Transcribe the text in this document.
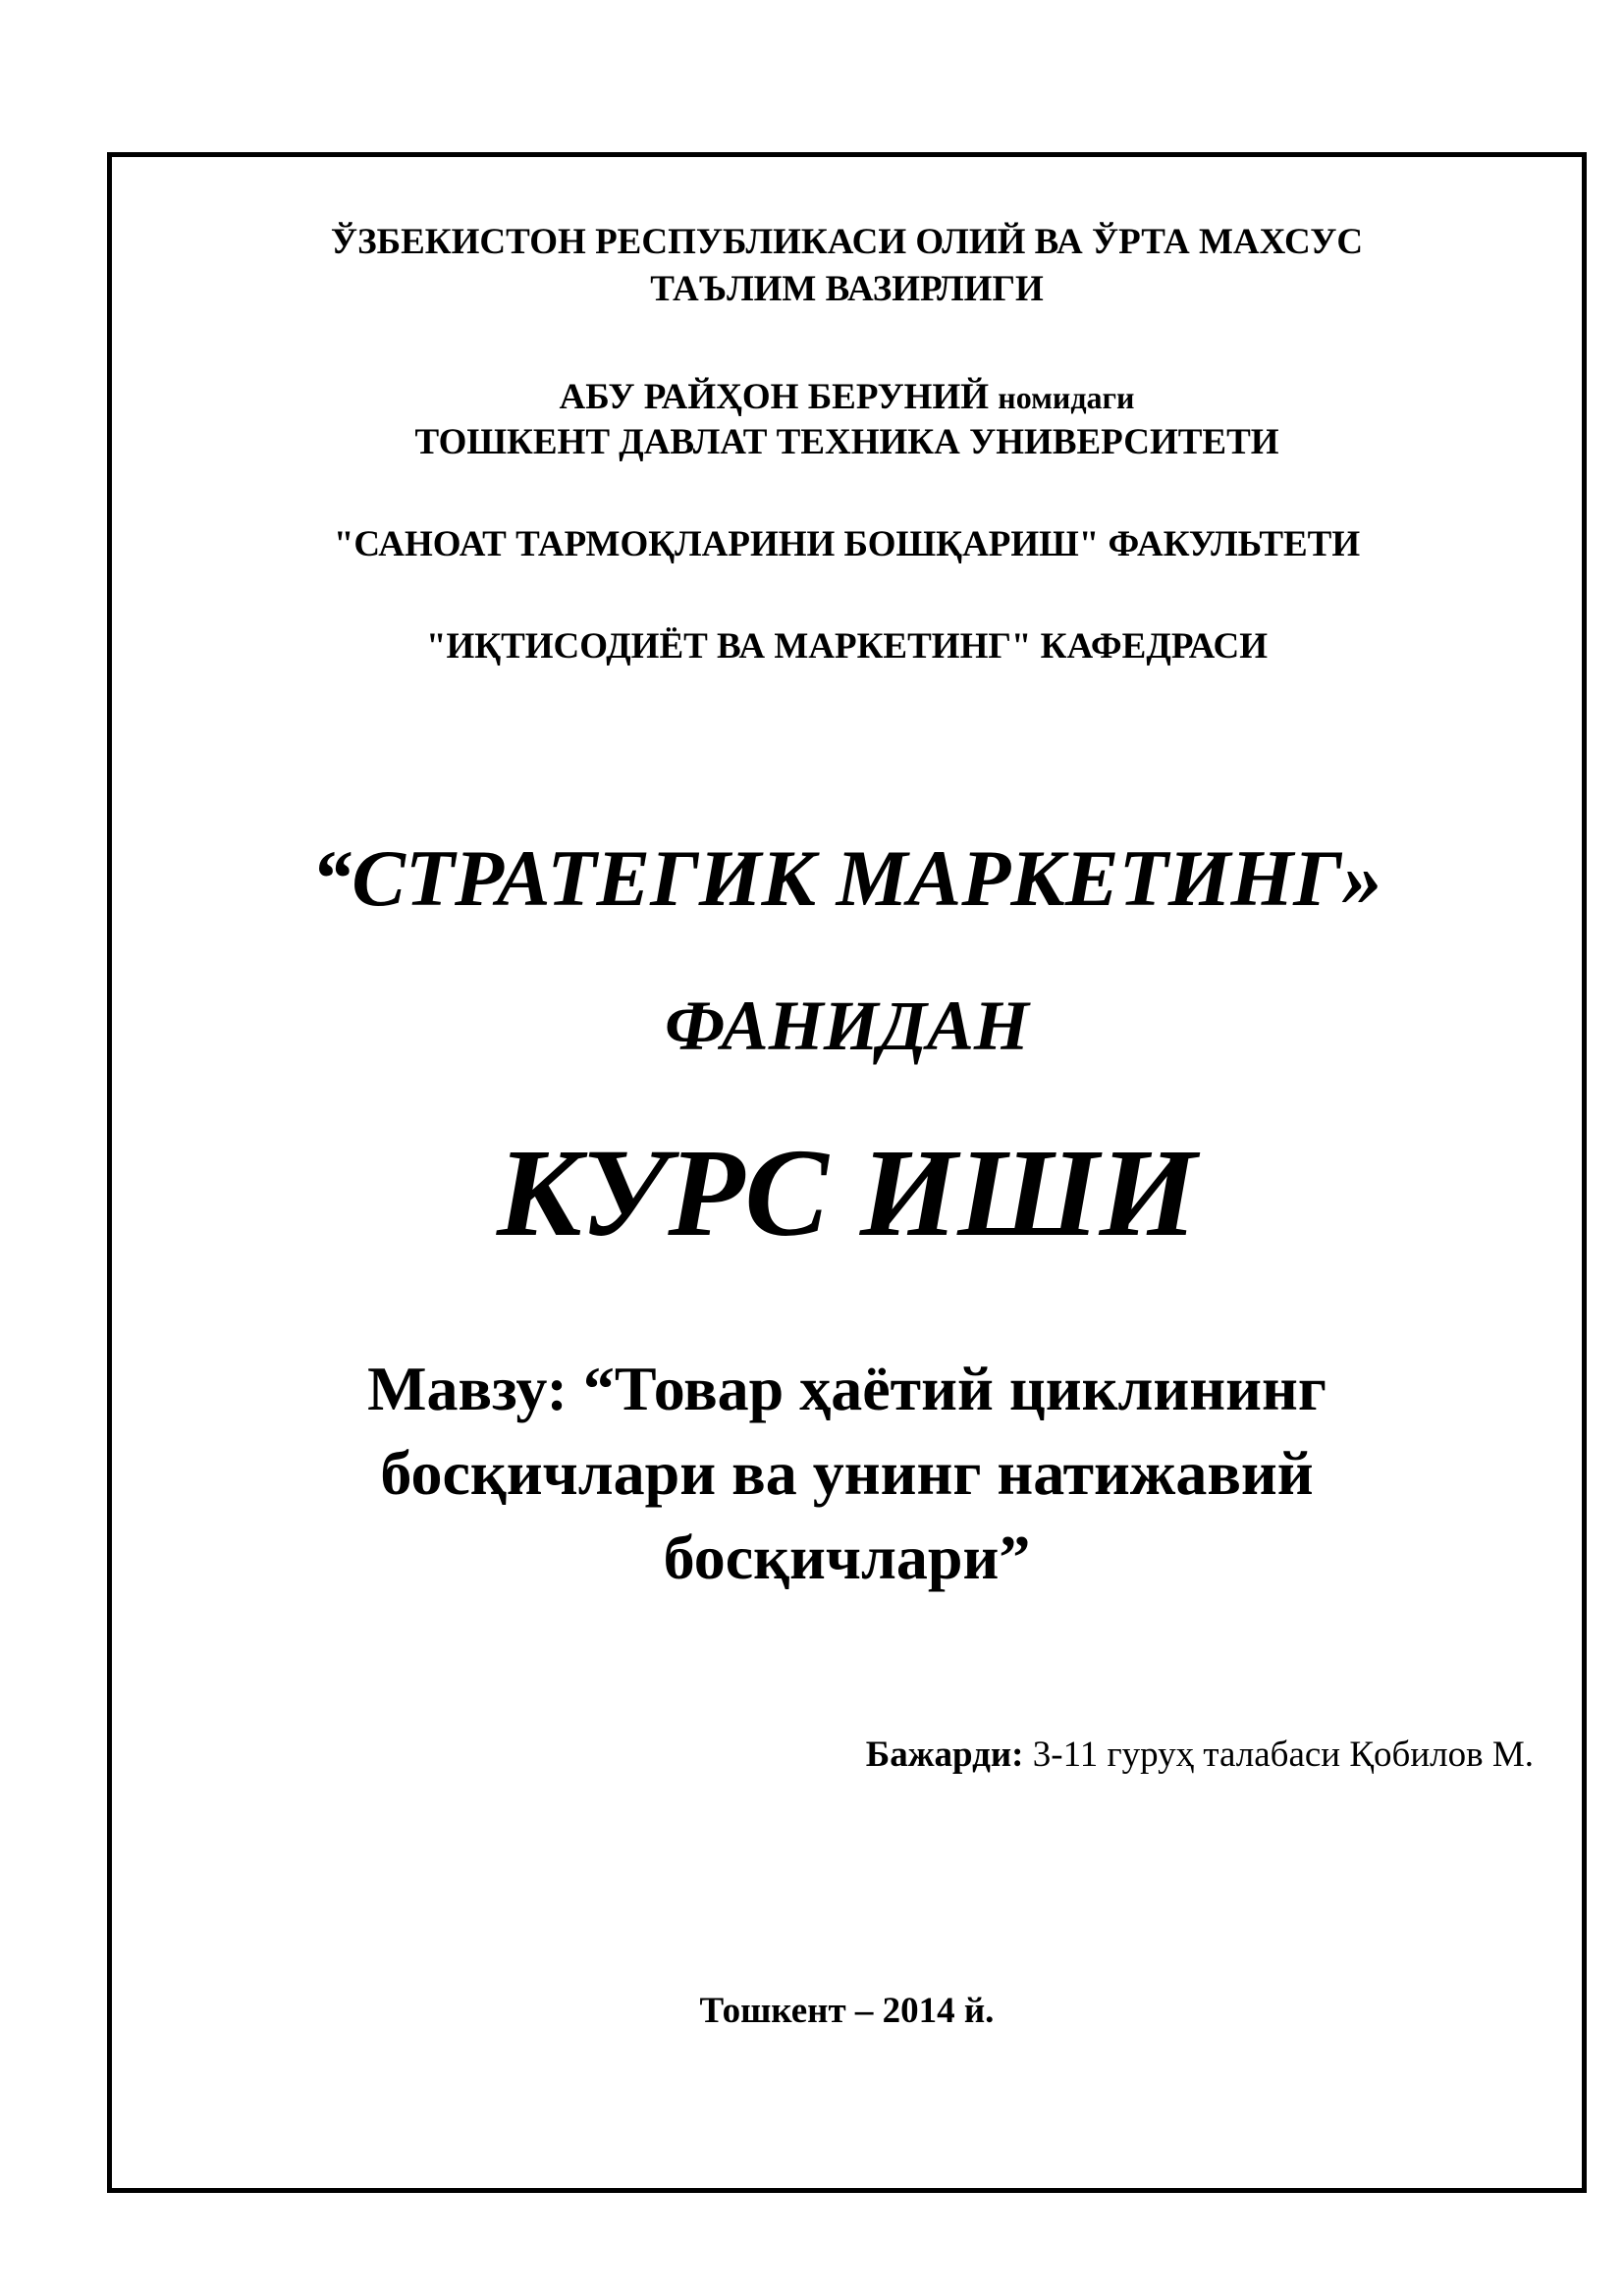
ЎЗБЕКИСТОН РЕСПУБЛИКАСИ ОЛИЙ ВА ЎРТА МАХСУС

ТАЪЛИМ ВАЗИРЛИГИ

АБУ РАЙҲОН БЕРУНИЙ номидаги

ТОШКЕНТ ДАВЛАТ ТЕХНИКА УНИВЕРСИТЕТИ

"САНОАТ ТАРМОҚЛАРИНИ БОШҚАРИШ" ФАКУЛЬТЕТИ

"ИҚТИСОДИЁТ ВА МАРКЕТИНГ" КАФЕДРАСИ

“СТРАТЕГИК МАРКЕТИНГ»

ФАНИДАН

КУРС ИШИ

Мавзу: “Товар ҳаётий циклининг

босқичлари ва унинг натижавий

босқичлари”

Бажарди: 3-11 гуруҳ талабаси Қобилов М.

Тошкент – 2014 й.
